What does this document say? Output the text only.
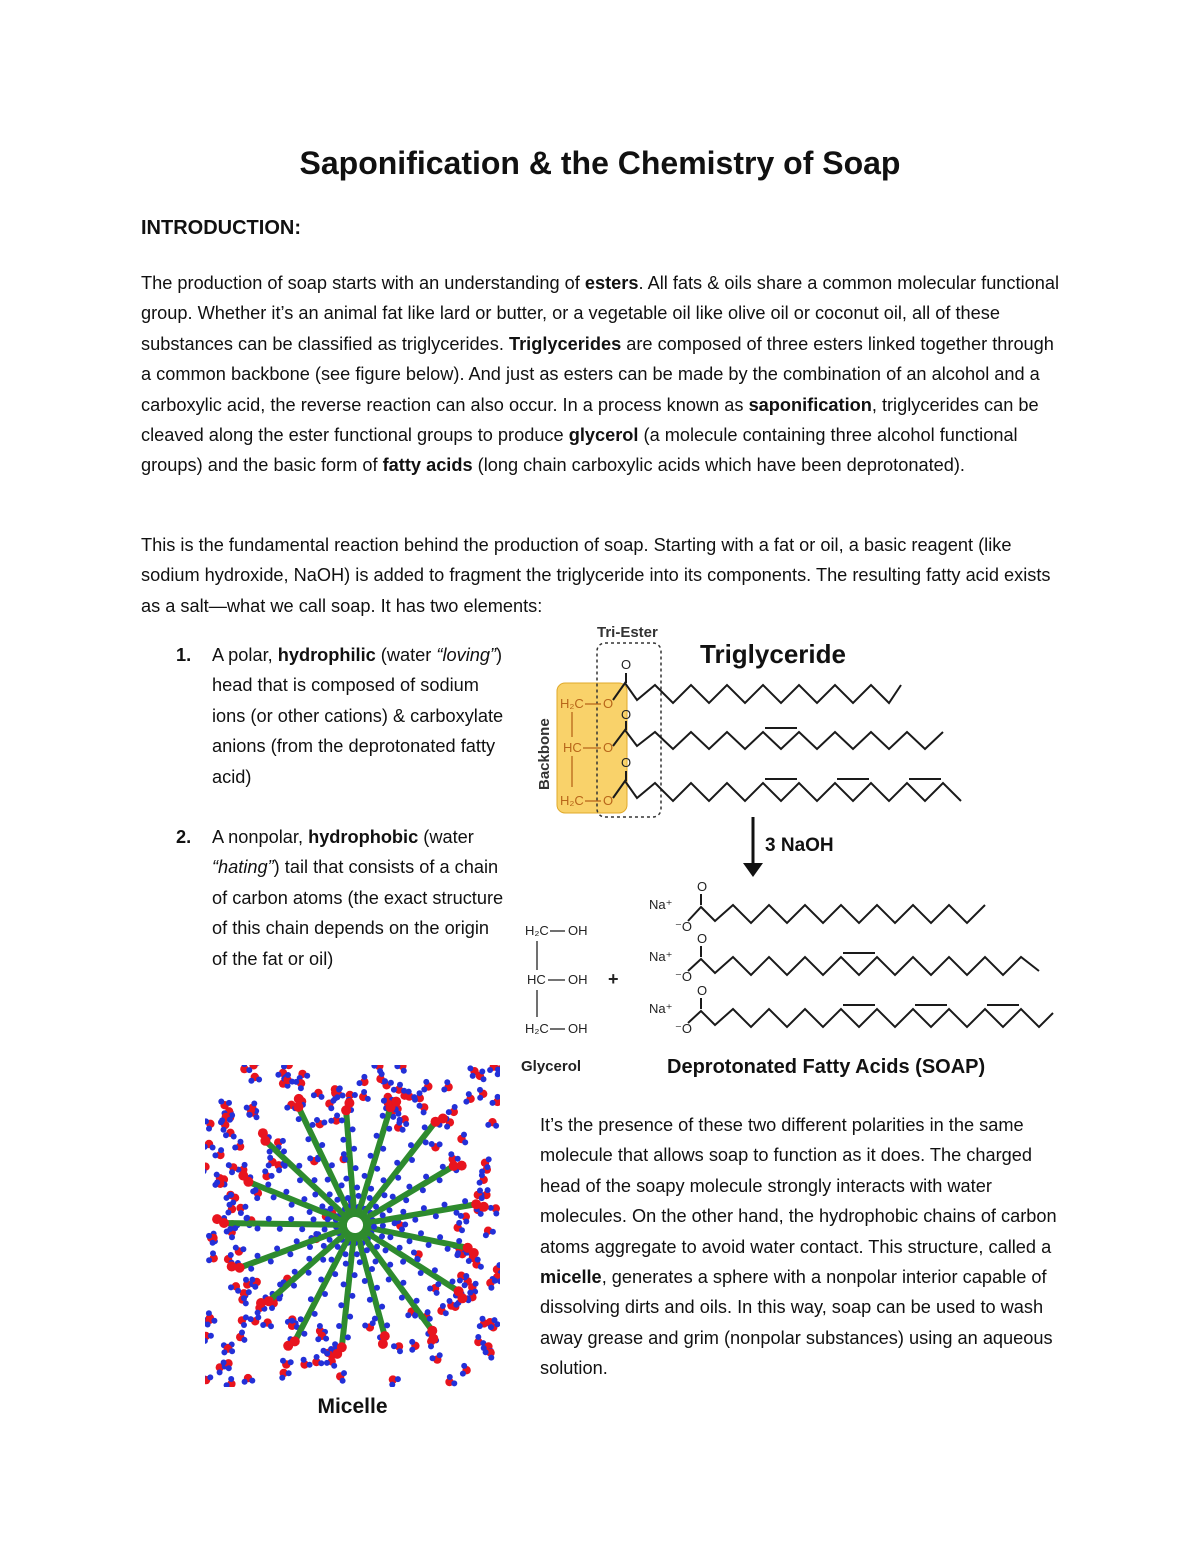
Saponification & the Chemistry of Soap
INTRODUCTION:

The production of soap starts with an understanding of esters. All fats & oils share a common molecular functional group. Whether it’s an animal fat like lard or butter, or a vegetable oil like olive oil or coconut oil, all of these substances can be classified as triglycerides. Triglycerides are composed of three esters linked together through a common backbone (see figure below). And just as esters can be made by the combination of an alcohol and a carboxylic acid, the reverse reaction can also occur. In a process known as saponification, triglycerides can be cleaved along the ester functional groups to produce glycerol (a molecule containing three alcohol functional groups) and the basic form of fatty acids (long chain carboxylic acids which have been deprotonated).

This is the fundamental reaction behind the production of soap. Starting with a fat or oil, a basic reagent (like sodium hydroxide, NaOH) is added to fragment the triglyceride into its components. The resulting fatty acid exists as a salt—what we call soap. It has two elements:

1. A polar, hydrophilic (water “loving”) head that is composed of sodium ions (or other cations) & carboxylate anions (from the deprotonated fatty acid)
2. A nonpolar, hydrophobic (water “hating”) tail that consists of a chain of carbon atoms (the exact structure of this chain depends on the origin of the fat or oil)
Tri-Ester
Triglyceride
Backbone
H₂C O
HC O
H₂C O
O
O
O
3 NaOH
H₂C OH
HC OH
H₂C OH
+
Glycerol
Na⁺
⁻O
O
Na⁺
⁻O
O
Na⁺
⁻O
O
Deprotonated Fatty Acids (SOAP)
Micelle

It’s the presence of these two different polarities in the same molecule that allows soap to function as it does. The charged head of the soapy molecule strongly interacts with water molecules. On the other hand, the hydrophobic chains of carbon atoms aggregate to avoid water contact. This structure, called a micelle, generates a sphere with a nonpolar interior capable of dissolving dirts and oils. In this way, soap can be used to wash away grease and grim (nonpolar substances) using an aqueous solution.
